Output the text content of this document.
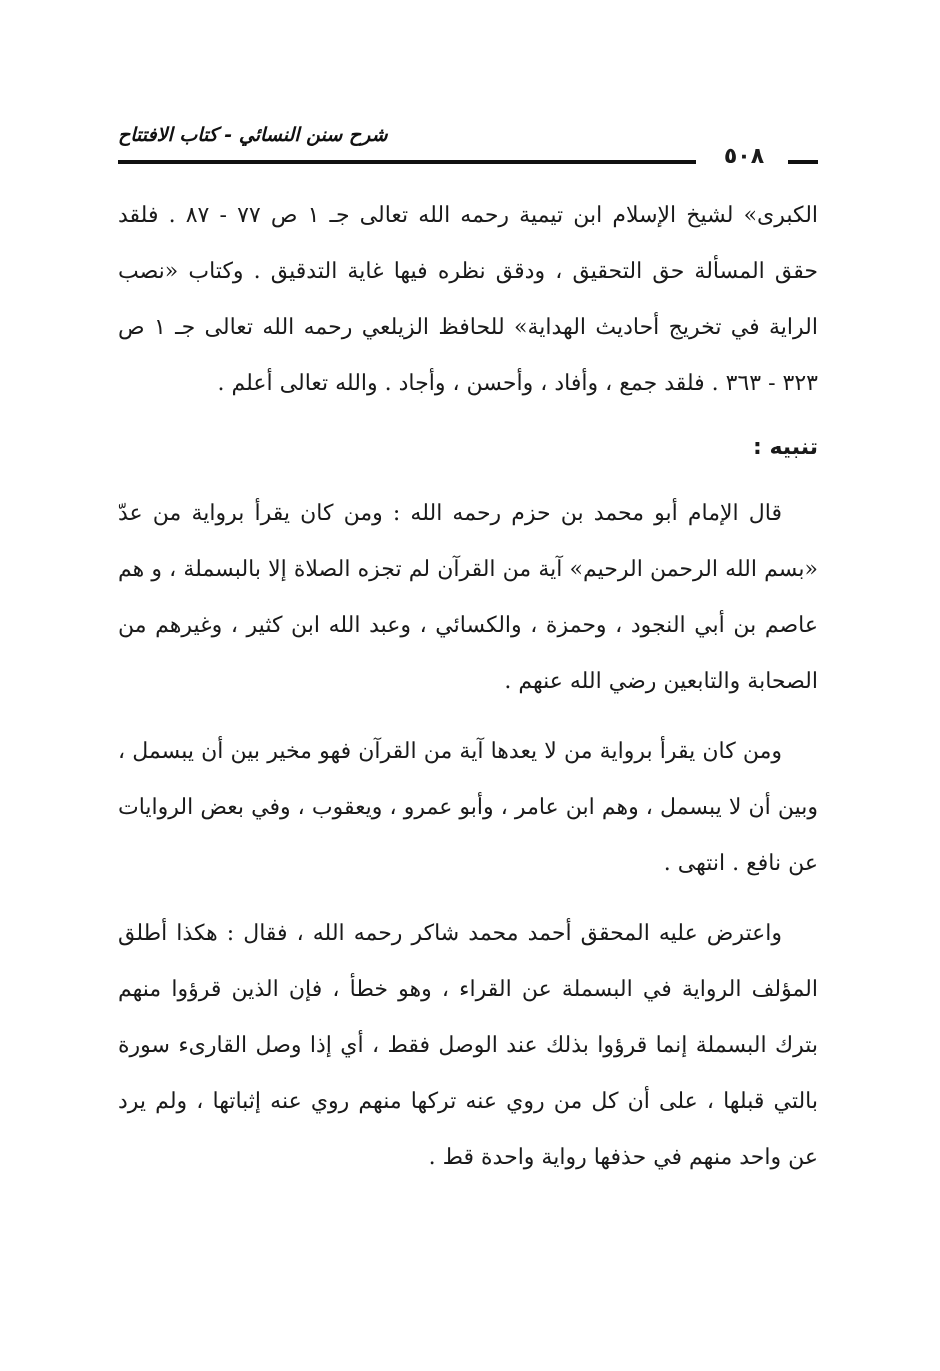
شرح سنن النسائي - كتاب الافتتاح
٥٠٨

الكبرى» لشيخ الإسلام ابن تيمية رحمه الله تعالى جـ ١ ص ٧٧ - ٨٧ . فلقد حقق المسألة حق التحقيق ، ودقق نظره فيها غاية التدقيق . وكتاب «نصب الراية في تخريج أحاديث الهداية» للحافظ الزيلعي رحمه الله تعالى جـ ١ ص ٣٢٣ - ٣٦٣ . فلقد جمع ، وأفاد ، وأحسن ، وأجاد . والله تعالى أعلم .

تنبيه :

قال الإمام أبو محمد بن حزم رحمه الله : ومن كان يقرأ برواية من عدّ «بسم الله الرحمن الرحيم» آية من القرآن لم تجزه الصلاة إلا بالبسملة ، و هم عاصم بن أبي النجود ، وحمزة ، والكسائي ، وعبد الله ابن كثير ، وغيرهم من الصحابة والتابعين رضي الله عنهم .

ومن كان يقرأ برواية من لا يعدها آية من القرآن فهو مخير بين أن يبسمل ، وبين أن لا يبسمل ، وهم ابن عامر ، وأبو عمرو ، ويعقوب ، وفي بعض الروايات عن نافع . انتهى .

واعترض عليه المحقق أحمد محمد شاكر رحمه الله ، فقال : هكذا أطلق المؤلف الرواية في البسملة عن القراء ، وهو خطأ ، فإن الذين قرؤوا منهم بترك البسملة إنما قرؤوا بذلك عند الوصل فقط ، أي إذا وصل القارىء سورة بالتي قبلها ، على أن كل من روي عنه تركها منهم روي عنه إثباتها ، ولم يرد عن واحد منهم في حذفها رواية واحدة قط .
